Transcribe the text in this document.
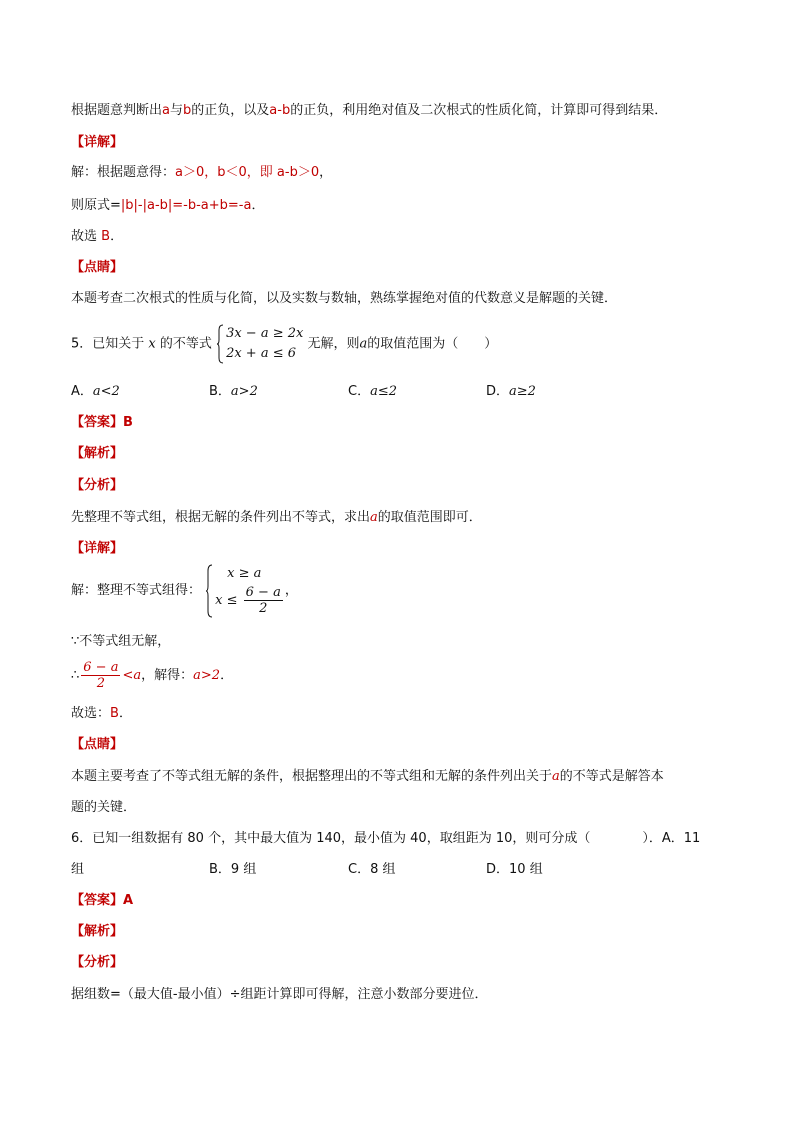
根据题意判断出a与b的正负，以及a-b的正负，利用绝对值及二次根式的性质化简，计算即可得到结果．
【详解】
解：根据题意得：a＞0，b＜0，即 a-b＞0，
则原式=|b|-|a-b|=-b-a+b=-a．
故选 B．
【点睛】
本题考查二次根式的性质与化简，以及实数与数轴，熟练掌握绝对值的代数意义是解题的关键．
5．已知关于 x 的不等式
3x − a ≥ 2x
2x + a ≤ 6
无解，则a的取值范围为（　　）
A．a<2	B．a>2	C．a≤2	D．a≥2
【答案】B
【解析】
【分析】
先整理不等式组，根据无解的条件列出不等式，求出a的取值范围即可．
【详解】
解：整理不等式组得：
x ≥ a
$x \le \frac{6 - a}{2}$ ，
∵不等式组无解，
∴ $\frac{6 - a}{2} <a$，解得：a>2．
故选：B．
【点睛】
本题主要考查了不等式组无解的条件，根据整理出的不等式组和无解的条件列出关于a的不等式是解答本
题的关键．
6．已知一组数据有 80 个，其中最大值为 140，最小值为 40，取组距为 10，则可分成（　　　　）．A．11
组	B．9 组	C．8 组	D．10 组
【答案】A
【解析】
【分析】
据组数=（最大值-最小值）÷组距计算即可得解，注意小数部分要进位．
